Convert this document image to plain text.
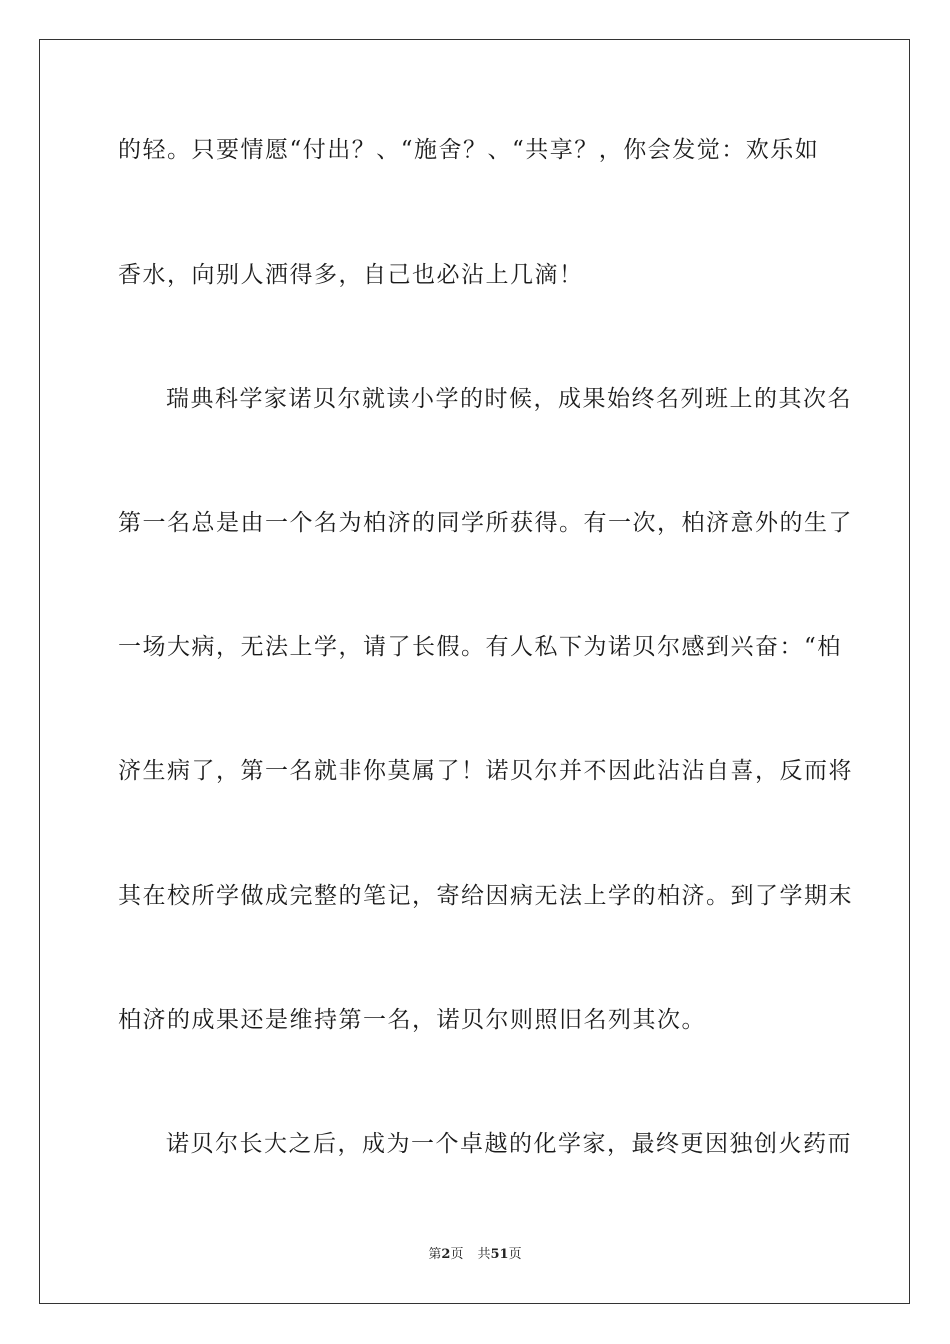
的轻。只要情愿“付出？、“施舍？、“共享？，你会发觉：欢乐如
香水，向别人洒得多，自己也必沾上几滴！
瑞典科学家诺贝尔就读小学的时候，成果始终名列班上的其次名
第一名总是由一个名为柏济的同学所获得。有一次，柏济意外的生了
一场大病，无法上学，请了长假。有人私下为诺贝尔感到兴奋：“柏
济生病了，第一名就非你莫属了！诺贝尔并不因此沾沾自喜，反而将
其在校所学做成完整的笔记，寄给因病无法上学的柏济。到了学期末
柏济的成果还是维持第一名，诺贝尔则照旧名列其次。
诺贝尔长大之后，成为一个卓越的化学家，最终更因独创火药而
第2页 共51页
